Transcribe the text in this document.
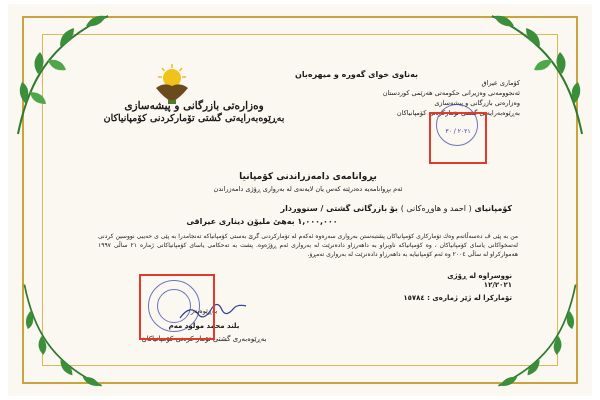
بەناوی خوای گەورە و میهرەبان
کۆماری عیراق
ئەنجوومەنی وەزیرانی حکومەتی هەرێمی کوردستان
وەزارەتی بازرگانی و پیشەسازی
بەڕێوەبەرایەتی گشتی تۆمارکردنی کۆمپانیاکان
وەزارەتی بازرگانی و پیشەسازی
بەڕێوەبەرایەتی گشتی تۆمارکردنی کۆمپانیاکان
٢٠٢١ / ٣٠
بڕوانامەی دامەزراندنی کۆمپانیا
ئەم بڕوانامەیە دەدرێتە کەس یان لایەنەی لە بەرواری ڕۆژی دامەزراندن
کۆمپانیای ( احمد و ھاوڕەکانی ) بۆ بازرگانی گشتی / سنووردار
١,٠٠٠,٠٠٠ بەهێ ملیۆن دیناری عیراقی
من بە پێی ڤ دەسەڵاتەم وەك تۆمارکاری کۆمپانیاکان پشتبەستن بەرواری سەرەوە ئەکەم لە تۆمارکردنی گرێ بەستی کۆمپانیاکە تەنجامدرا بە پێی ی حەیبی نووسین کردنی لەتمخواکانی یاسای کۆمپانیاکان ، وە کۆمپانیاکە ناوبراو بە داهەرزاو دادەنرێت لە بەرواری ئەم ڕۆژەوە. پشت بە تەحکامی یاسای کۆمپانیاکانی ژمارە ٢١ ساڵی ١٩٩٧ هەمواركراو لە ساڵی ٢٠٠٤ وە ئەم کۆمپانیایە بە داهەرزاو دادەنرێت لە بەرواری تەمڕۆ.
نووسراوە لە ڕۆژی
١٢/٢٠٢١
تۆمارکرا لە ژێر ژمارەی : ١٥٧٨٤
بەڕێوەبەر
بلند محمد مولود مەم
بەڕێوەبەری گشتی تۆمار کردنی کۆمپانیاکان
